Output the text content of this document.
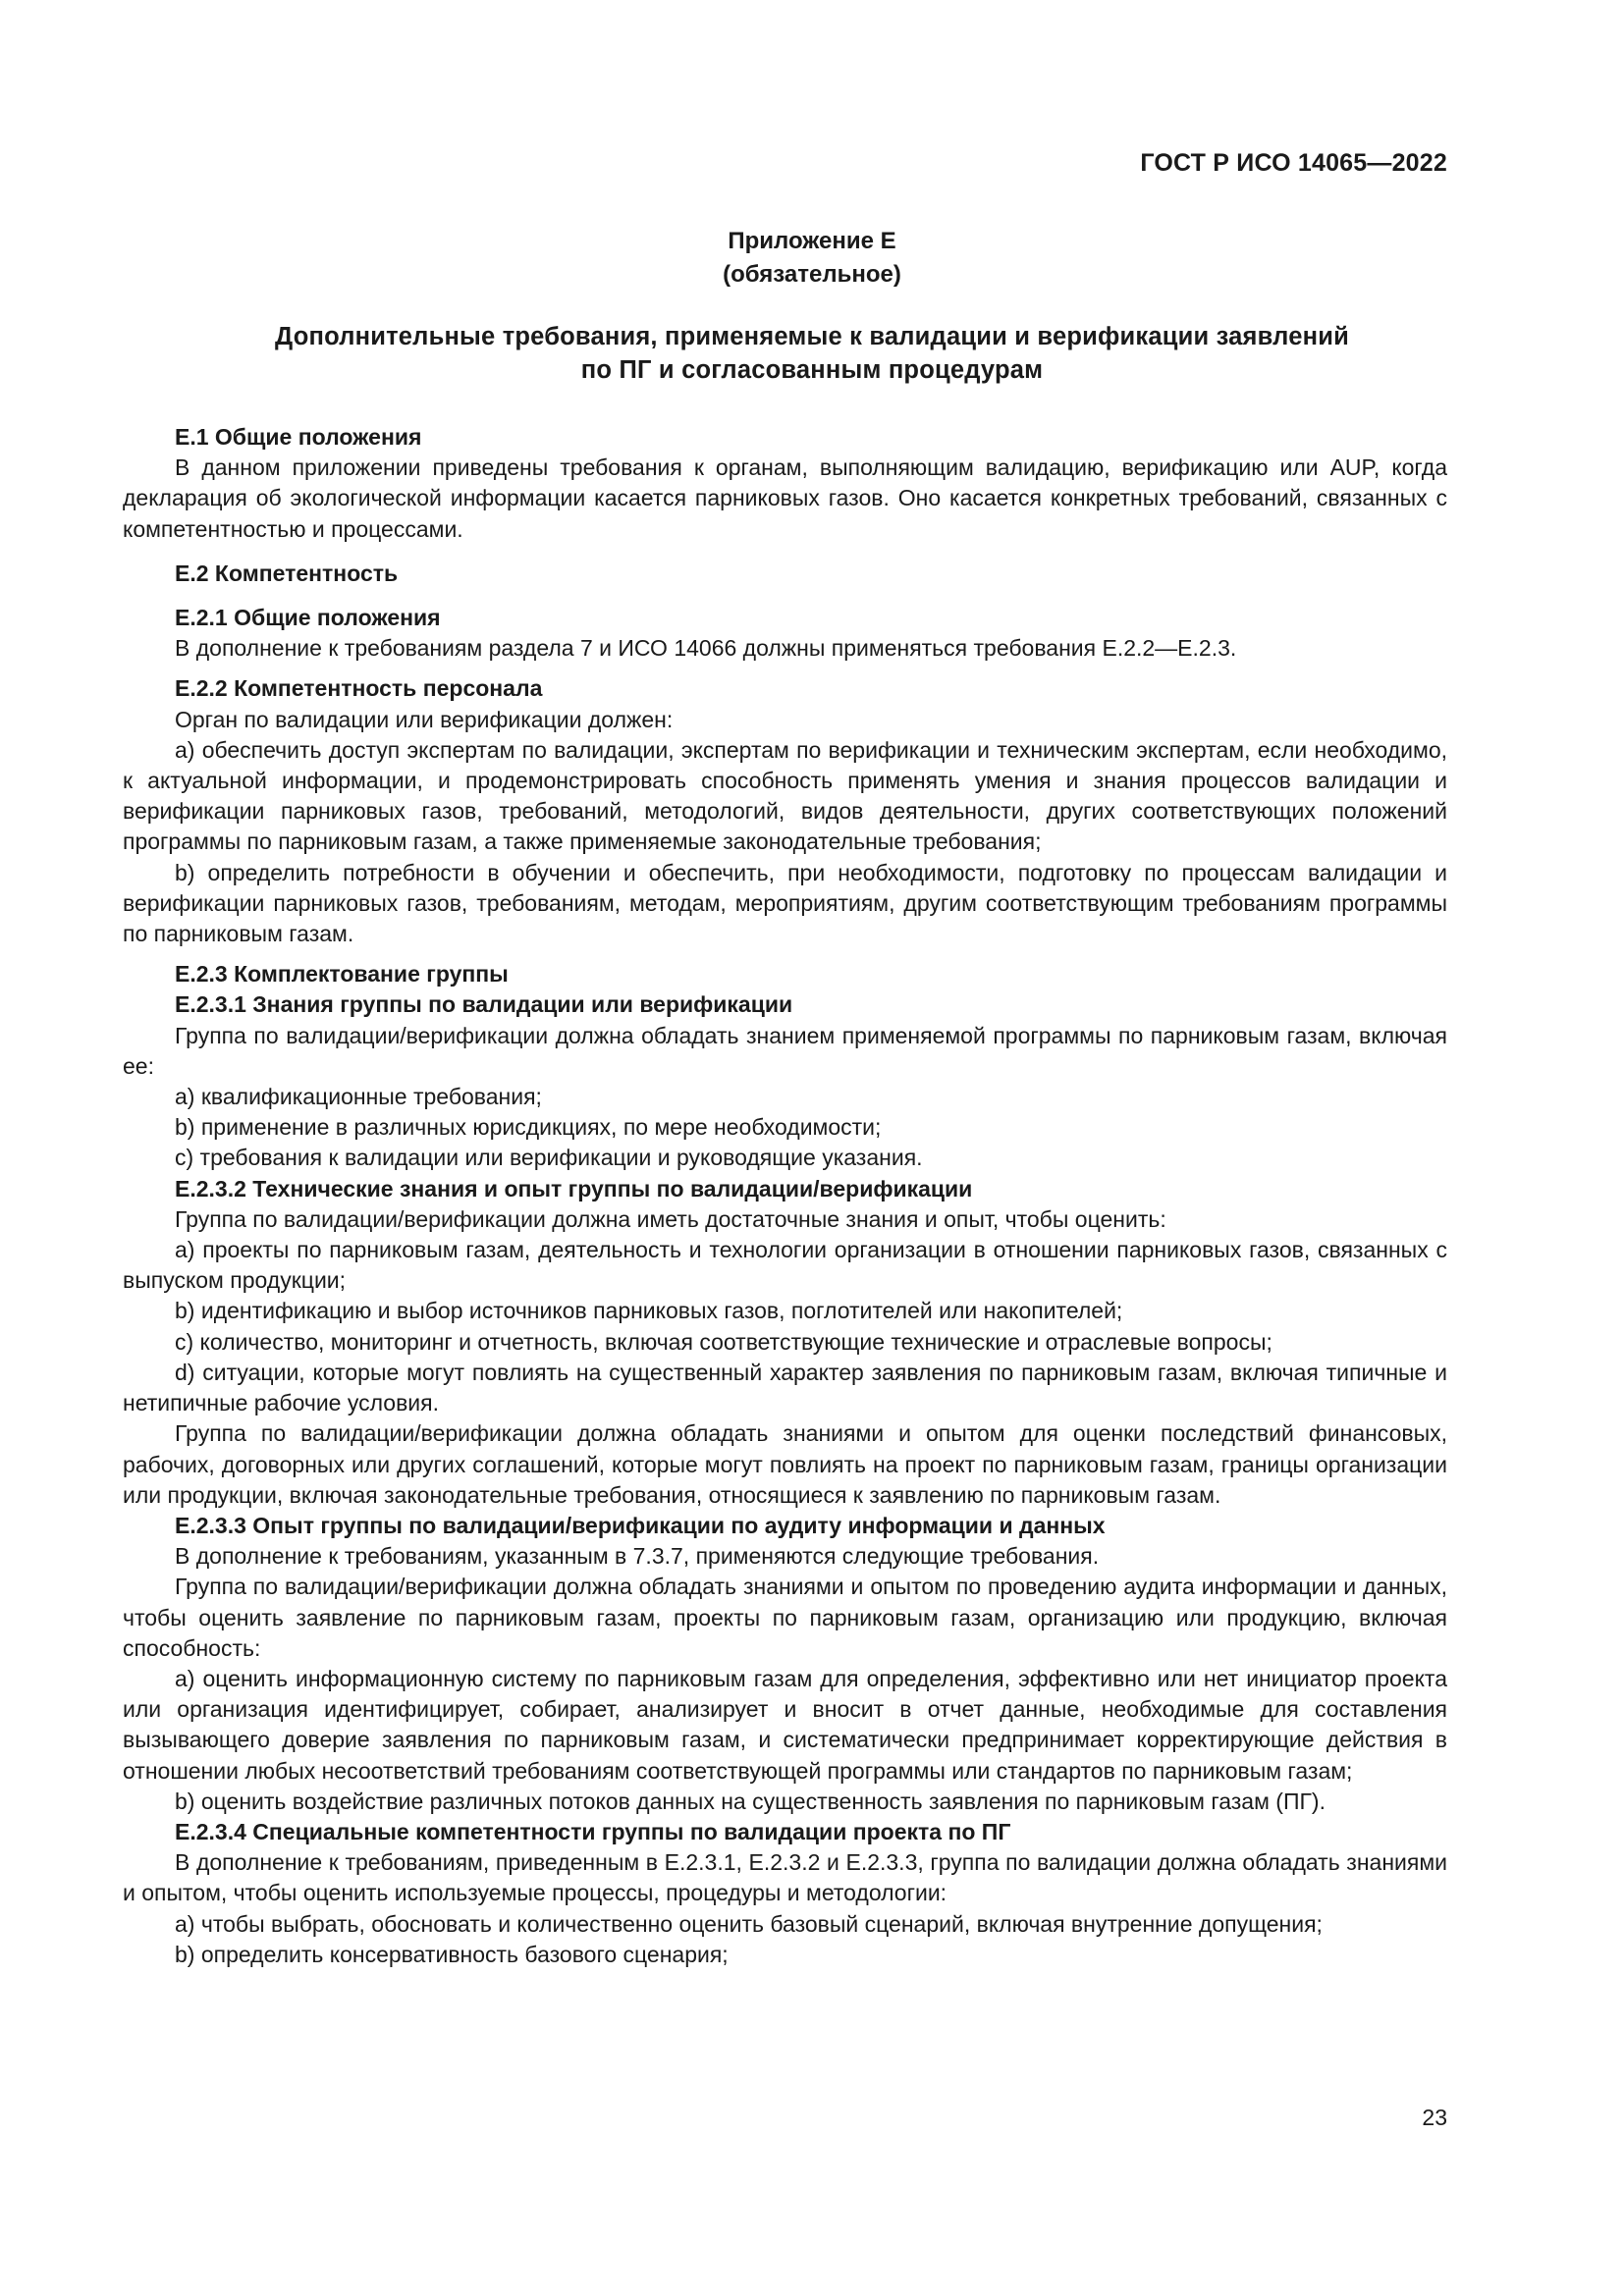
ГОСТ Р ИСО 14065—2022
Приложение Е
(обязательное)
Дополнительные требования, применяемые к валидации и верификации заявлений
по ПГ и согласованным процедурам

Е.1 Общие положения

В данном приложении приведены требования к органам, выполняющим валидацию, верификацию или AUP, когда декларация об экологической информации касается парниковых газов. Оно касается конкретных требований, связанных с компетентностью и процессами.

Е.2 Компетентность

Е.2.1 Общие положения

В дополнение к требованиям раздела 7 и ИСО 14066 должны применяться требования Е.2.2—Е.2.3.

Е.2.2 Компетентность персонала

Орган по валидации или верификации должен:

a) обеспечить доступ экспертам по валидации, экспертам по верификации и техническим экспертам, если необходимо, к актуальной информации, и продемонстрировать способность применять умения и знания процессов валидации и верификации парниковых газов, требований, методологий, видов деятельности, других соответствующих положений программы по парниковым газам, а также применяемые законодательные требования;

b) определить потребности в обучении и обеспечить, при необходимости, подготовку по процессам валидации и верификации парниковых газов, требованиям, методам, мероприятиям, другим соответствующим требованиям программы по парниковым газам.

Е.2.3 Комплектование группы

Е.2.3.1 Знания группы по валидации или верификации

Группа по валидации/верификации должна обладать знанием применяемой программы по парниковым газам, включая ее:

a) квалификационные требования;

b) применение в различных юрисдикциях, по мере необходимости;

c) требования к валидации или верификации и руководящие указания.

Е.2.3.2 Технические знания и опыт группы по валидации/верификации

Группа по валидации/верификации должна иметь достаточные знания и опыт, чтобы оценить:

a) проекты по парниковым газам, деятельность и технологии организации в отношении парниковых газов, связанных с выпуском продукции;

b) идентификацию и выбор источников парниковых газов, поглотителей или накопителей;

c) количество, мониторинг и отчетность, включая соответствующие технические и отраслевые вопросы;

d) ситуации, которые могут повлиять на существенный характер заявления по парниковым газам, включая типичные и нетипичные рабочие условия.

Группа по валидации/верификации должна обладать знаниями и опытом для оценки последствий финансовых, рабочих, договорных или других соглашений, которые могут повлиять на проект по парниковым газам, границы организации или продукции, включая законодательные требования, относящиеся к заявлению по парниковым газам.

Е.2.3.3 Опыт группы по валидации/верификации по аудиту информации и данных

В дополнение к требованиям, указанным в 7.3.7, применяются следующие требования.

Группа по валидации/верификации должна обладать знаниями и опытом по проведению аудита информации и данных, чтобы оценить заявление по парниковым газам, проекты по парниковым газам, организацию или продукцию, включая способность:

a) оценить информационную систему по парниковым газам для определения, эффективно или нет инициатор проекта или организация идентифицирует, собирает, анализирует и вносит в отчет данные, необходимые для составления вызывающего доверие заявления по парниковым газам, и систематически предпринимает корректирующие действия в отношении любых несоответствий требованиям соответствующей программы или стандартов по парниковым газам;

b) оценить воздействие различных потоков данных на существенность заявления по парниковым газам (ПГ).

Е.2.3.4 Специальные компетентности группы по валидации проекта по ПГ

В дополнение к требованиям, приведенным в Е.2.3.1, Е.2.3.2 и Е.2.3.3, группа по валидации должна обладать знаниями и опытом, чтобы оценить используемые процессы, процедуры и методологии:

a) чтобы выбрать, обосновать и количественно оценить базовый сценарий, включая внутренние допущения;

b) определить консервативность базового сценария;

23
